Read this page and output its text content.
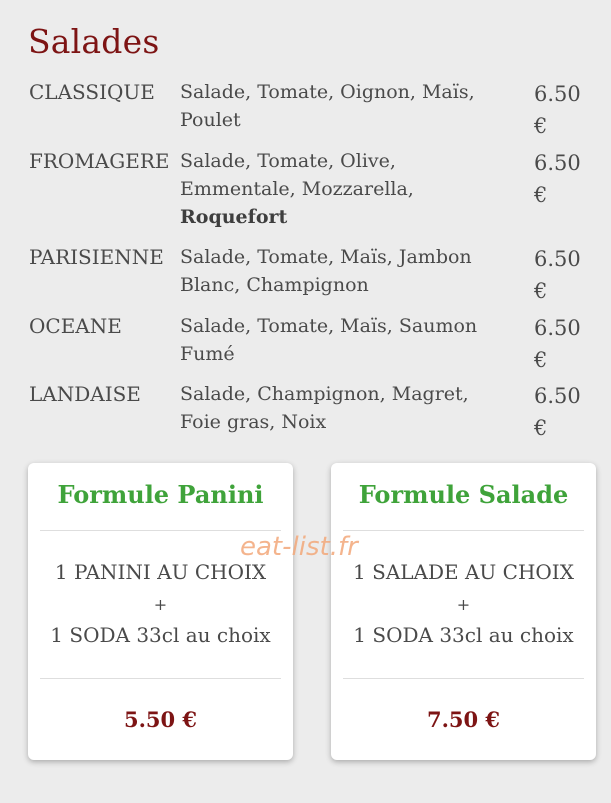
Salades
CLASSIQUE Salade, Tomate, Oignon, Maïs,
Poulet
6.50
€
FROMAGERE Salade, Tomate, Olive,
Emmentale, Mozzarella,
Roquefort
6.50
€
PARISIENNE Salade, Tomate, Maïs, Jambon
Blanc, Champignon
6.50
€
OCEANE	Salade, Tomate, Maïs, Saumon
Fumé
6.50
€
LANDAISE Salade, Champignon, Magret,
Foie gras, Noix
6.50
€
Formule Panini
1 PANINI AU CHOIX
+
1 SODA 33cl au choix
5.50 €
Formule Salade
1 SALADE AU CHOIX
+
1 SODA 33cl au choix
7.50 €
eat-list.fr
